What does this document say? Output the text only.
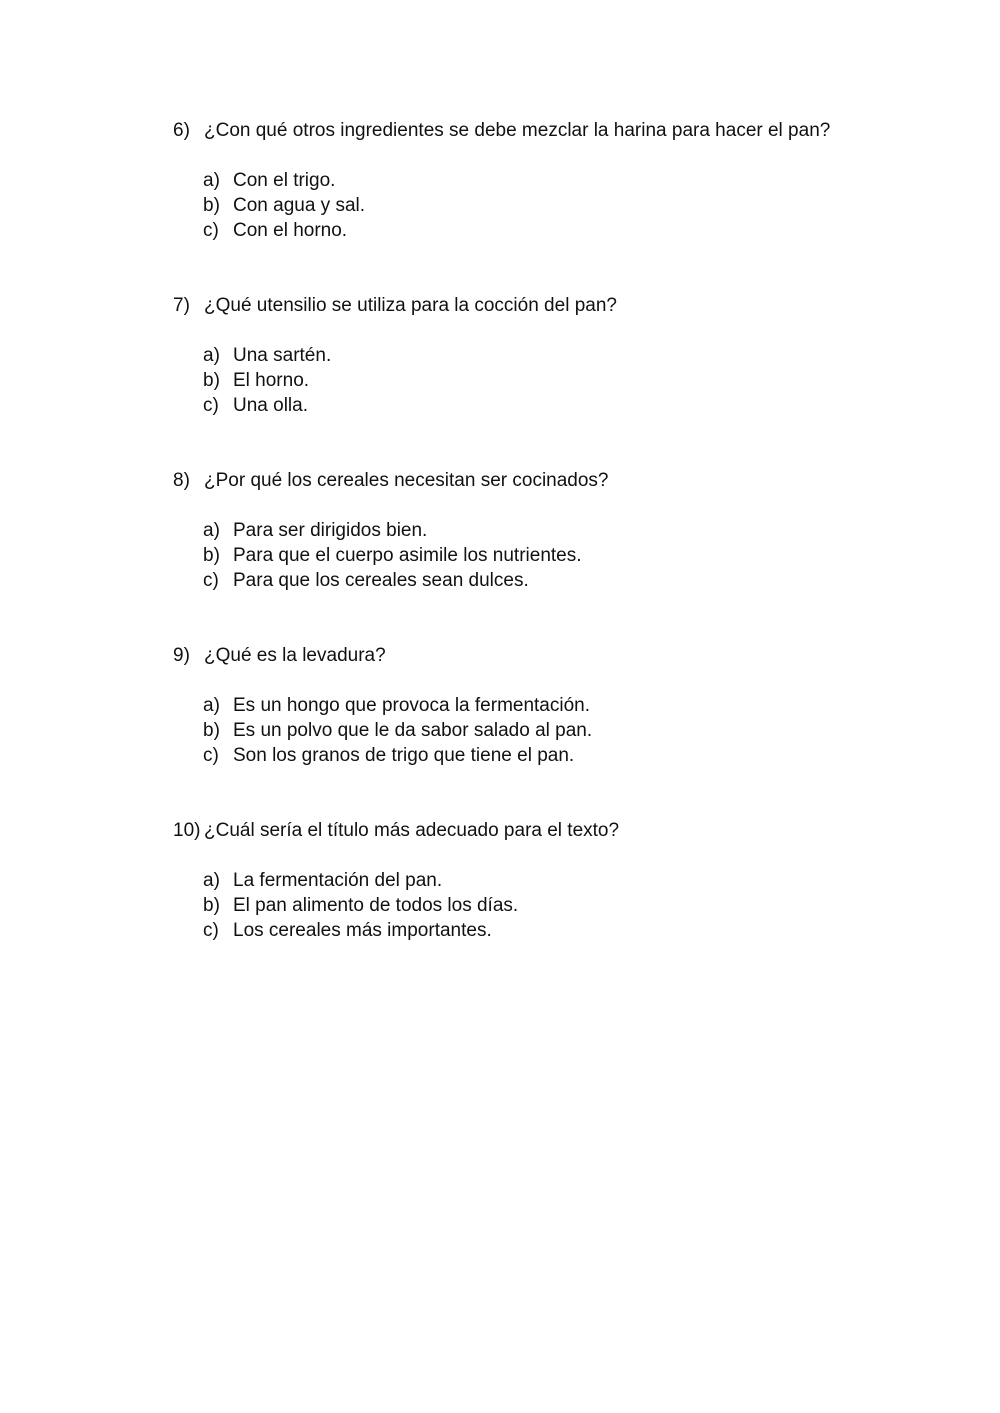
6) ¿Con qué otros ingredientes se debe mezclar la harina para hacer el pan?
a) Con el trigo.
b) Con agua y sal.
c) Con el horno.
7) ¿Qué utensilio se utiliza para la cocción del pan?
a) Una sartén.
b) El horno.
c) Una olla.
8) ¿Por qué los cereales necesitan ser cocinados?
a) Para ser dirigidos bien.
b) Para que el cuerpo asimile los nutrientes.
c) Para que los cereales sean dulces.
9) ¿Qué es la levadura?
a) Es un hongo que provoca la fermentación.
b) Es un polvo que le da sabor salado al pan.
c) Son los granos de trigo que tiene el pan.
10) ¿Cuál sería el título más adecuado para el texto?
a) La fermentación del pan.
b) El pan alimento de todos los días.
c) Los cereales más importantes.
